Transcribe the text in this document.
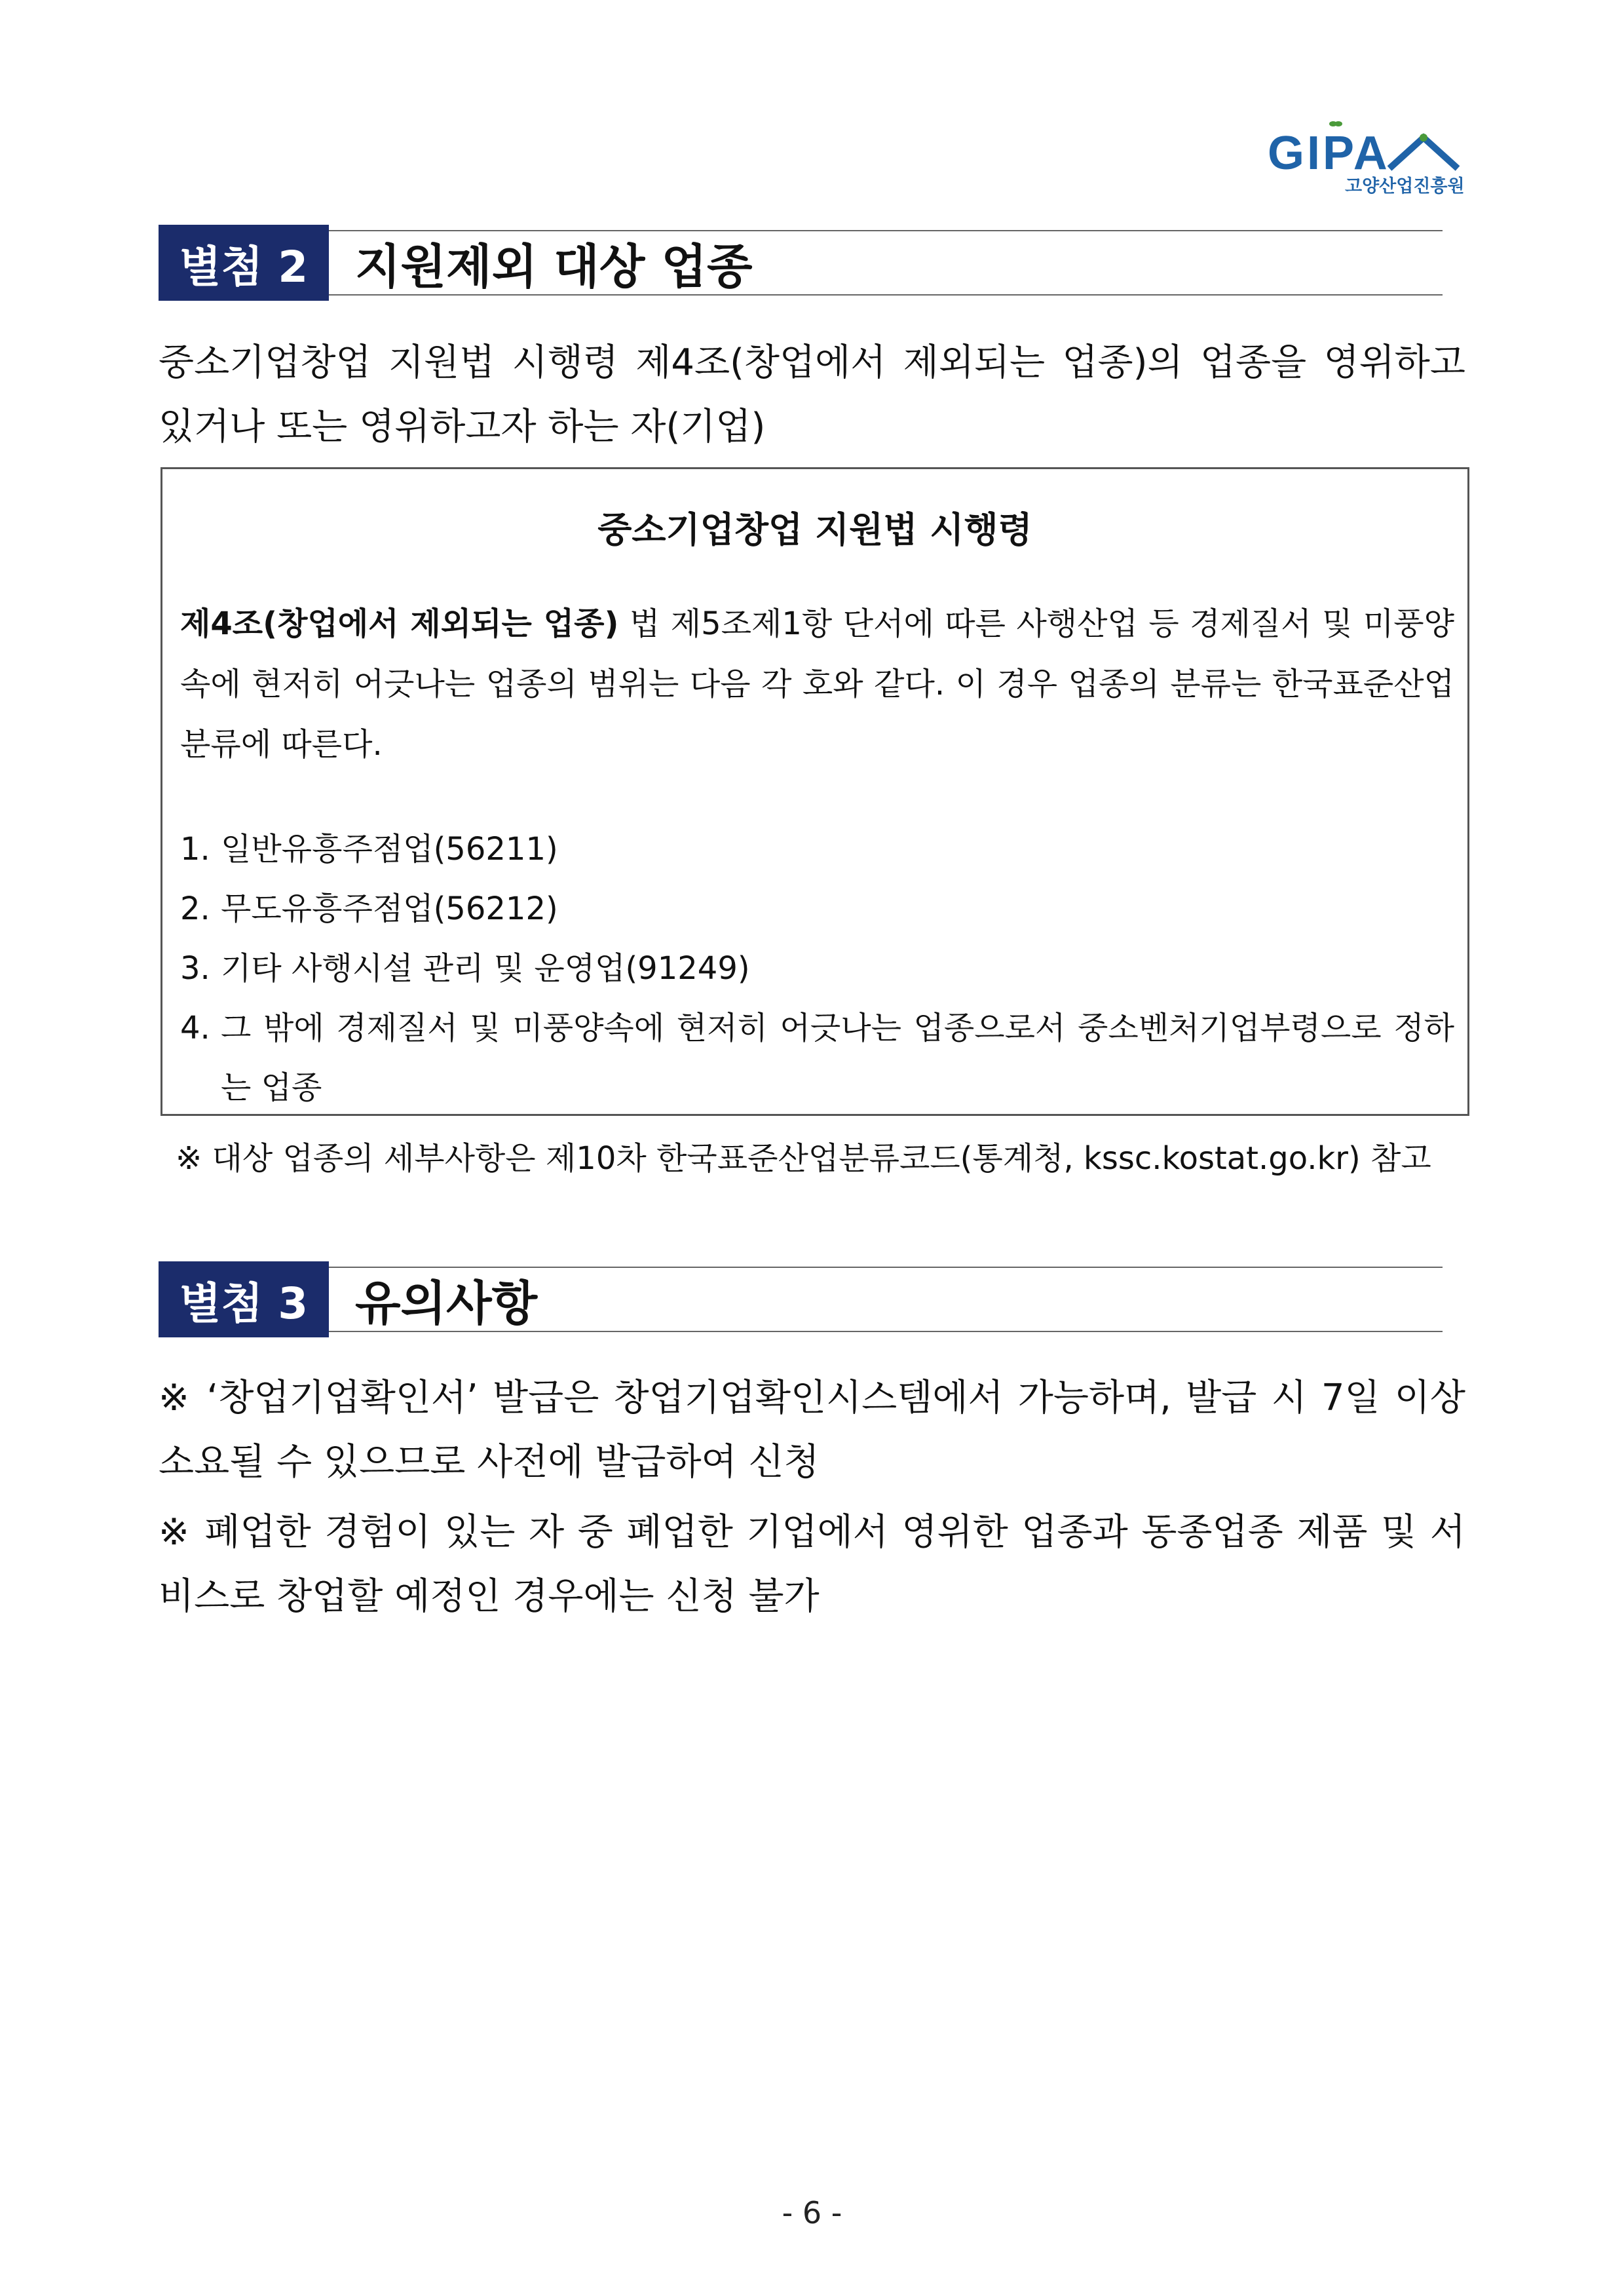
GIPA
고양산업진흥원
별첨 2 지원제외 대상 업종
중소기업창업 지원법 시행령 제4조(창업에서 제외되는 업종)의 업종을 영위하고 있거나 또는 영위하고자 하는 자(기업)
중소기업창업 지원법 시행령
제4조(창업에서 제외되는 업종) 법 제5조제1항 단서에 따른 사행산업 등 경제질서 및 미풍양속에 현저히 어긋나는 업종의 범위는 다음 각 호와 같다. 이 경우 업종의 분류는 한국표준산업분류에 따른다.
1. 일반유흥주점업(56211)
2. 무도유흥주점업(56212)
3. 기타 사행시설 관리 및 운영업(91249)
4. 그 밖에 경제질서 및 미풍양속에 현저히 어긋나는 업종으로서 중소벤처기업부령으로 정하는 업종
※ 대상 업종의 세부사항은 제10차 한국표준산업분류코드(통계청, kssc.kostat.go.kr) 참고
별첨 3 유의사항
※ ‘창업기업확인서’ 발급은 창업기업확인시스템에서 가능하며, 발급 시 7일 이상 소요될 수 있으므로 사전에 발급하여 신청
※ 폐업한 경험이 있는 자 중 폐업한 기업에서 영위한 업종과 동종업종 제품 및 서비스로 창업할 예정인 경우에는 신청 불가
- 6 -
